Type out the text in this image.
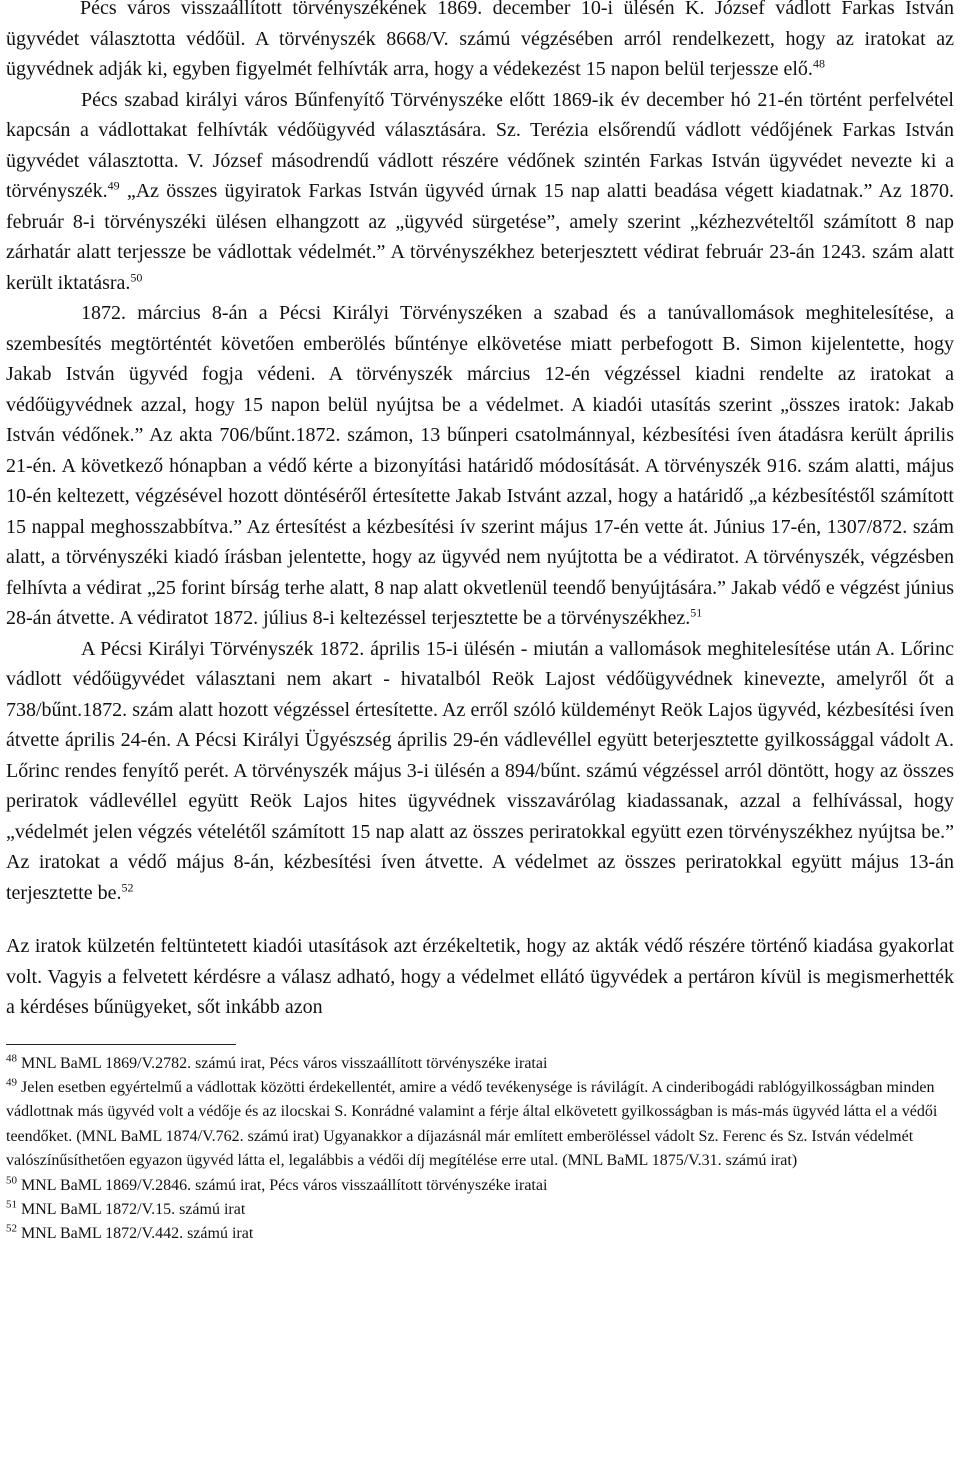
Pécs város visszaállított törvényszékének 1869. december 10-i ülésén K. József vádlott Farkas István ügyvédet választotta védőül. A törvényszék 8668/V. számú végzésében arról rendelkezett, hogy az iratokat az ügyvédnek adják ki, egyben figyelmét felhívták arra, hogy a védekezést 15 napon belül terjessze elő.$^{48}$

Pécs szabad királyi város Bűnfenyítő Törvényszéke előtt 1869-ik év december hó 21-én történt perfelvétel kapcsán a vádlottakat felhívták védőügyvéd választására. Sz. Terézia elsőrendű vádlott védőjének Farkas István ügyvédet választotta. V. József másodrendű vádlott részére védőnek szintén Farkas István ügyvédet nevezte ki a törvényszék.$^{49}$ „Az összes ügyiratok Farkas István ügyvéd úrnak 15 nap alatti beadása végett kiadatnak.” Az 1870. február 8-i törvényszéki ülésen elhangzott az „ügyvéd sürgetése”, amely szerint „kézhezvételtől számított 8 nap zárhatár alatt terjessze be vádlottak védelmét.” A törvényszékhez beterjesztett védirat február 23-án 1243. szám alatt került iktatásra.$^{50}$

1872. március 8-án a Pécsi Királyi Törvényszéken a szabad és a tanúvallomások meghitelesítése, a szembesítés megtörténtét követően emberölés bűnténye elkövetése miatt perbefogott B. Simon kijelentette, hogy Jakab István ügyvéd fogja védeni. A törvényszék március 12-én végzéssel kiadni rendelte az iratokat a védőügyvédnek azzal, hogy 15 napon belül nyújtsa be a védelmet. A kiadói utasítás szerint „összes iratok: Jakab István védőnek.” Az akta 706/bűnt.1872. számon, 13 bűnperi csatolmánnyal, kézbesítési íven átadásra került április 21-én. A következő hónapban a védő kérte a bizonyítási határidő módosítását. A törvényszék 916. szám alatti, május 10-én keltezett, végzésével hozott döntéséről értesítette Jakab Istvánt azzal, hogy a határidő „a kézbesítéstől számított 15 nappal meghosszabbítva.” Az értesítést a kézbesítési ív szerint május 17-én vette át. Június 17-én, 1307/872. szám alatt, a törvényszéki kiadó írásban jelentette, hogy az ügyvéd nem nyújtotta be a védiratot. A törvényszék, végzésben felhívta a védirat „25 forint bírság terhe alatt, 8 nap alatt okvetlenül teendő benyújtására.” Jakab védő e végzést június 28-án átvette. A védiratot 1872. július 8-i keltezéssel terjesztette be a törvényszékhez.$^{51}$

A Pécsi Királyi Törvényszék 1872. április 15-i ülésén - miután a vallomások meghitelesítése után A. Lőrinc vádlott védőügyvédet választani nem akart - hivatalból Reök Lajost védőügyvédnek kinevezte, amelyről őt a 738/bűnt.1872. szám alatt hozott végzéssel értesítette. Az erről szóló küldeményt Reök Lajos ügyvéd, kézbesítési íven átvette április 24-én. A Pécsi Királyi Ügyészség április 29-én vádlevéllel együtt beterjesztette gyilkossággal vádolt A. Lőrinc rendes fenyítő perét. A törvényszék május 3-i ülésén a 894/bűnt. számú végzéssel arról döntött, hogy az összes periratok vádlevéllel együtt Reök Lajos hites ügyvédnek visszavárólag kiadassanak, azzal a felhívással, hogy „védelmét jelen végzés vételétől számított 15 nap alatt az összes periratokkal együtt ezen törvényszékhez nyújtsa be.” Az iratokat a védő május 8-án, kézbesítési íven átvette. A védelmet az összes periratokkal együtt május 13-án terjesztette be.$^{52}$

Az iratok külzetén feltüntetett kiadói utasítások azt érzékeltetik, hogy az akták védő részére történő kiadása gyakorlat volt. Vagyis a felvetett kérdésre a válasz adható, hogy a védelmet ellátó ügyvédek a pertáron kívül is megismerhették a kérdéses bűnügyeket, sőt inkább azon

$^{48}$ MNL BaML 1869/V.2782. számú irat, Pécs város visszaállított törvényszéke iratai

$^{49}$ Jelen esetben egyértelmű a vádlottak közötti érdekellentét, amire a védő tevékenysége is rávilágít. A cinderibogádi rablógyilkosságban minden vádlottnak más ügyvéd volt a védője és az ilocskai S. Konrádné valamint a férje által elkövetett gyilkosságban is más-más ügyvéd látta el a védői teendőket. (MNL BaML 1874/V.762. számú irat) Ugyanakkor a díjazásnál már említett emberöléssel vádolt Sz. Ferenc és Sz. István védelmét valószínűsíthetően egyazon ügyvéd látta el, legalábbis a védői díj megítélése erre utal. (MNL BaML 1875/V.31. számú irat)

$^{50}$ MNL BaML 1869/V.2846. számú irat, Pécs város visszaállított törvényszéke iratai

$^{51}$ MNL BaML 1872/V.15. számú irat

$^{52}$ MNL BaML 1872/V.442. számú irat
